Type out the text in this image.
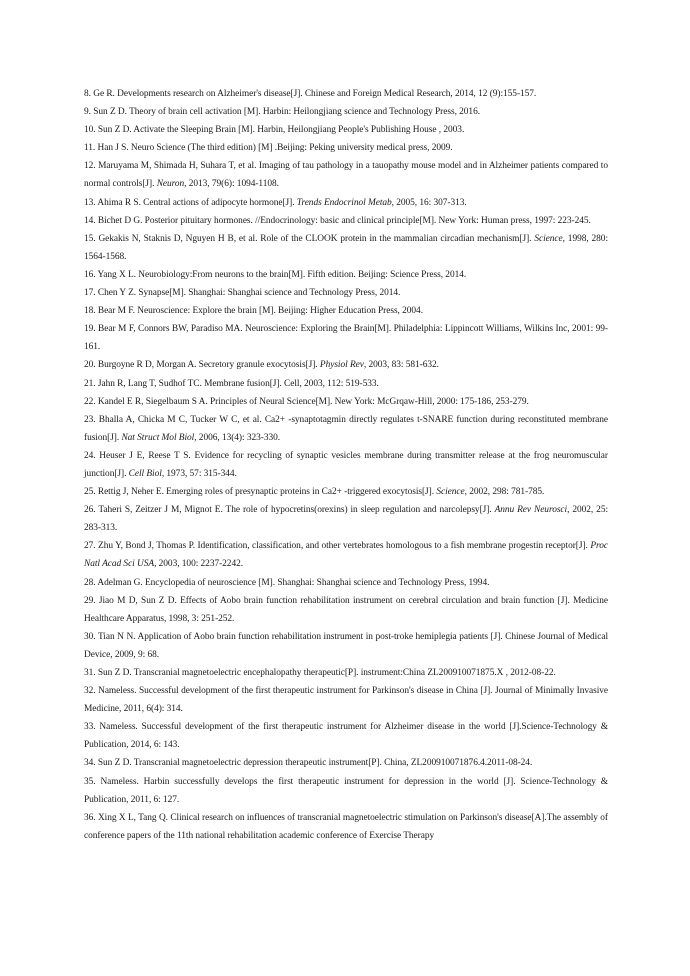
8. Ge R. Developments research on Alzheimer's disease[J]. Chinese and Foreign Medical Research, 2014, 12 (9):155-157.
9. Sun Z D. Theory of brain cell activation [M]. Harbin: Heilongjiang science and Technology Press, 2016.
10. Sun Z D. Activate the Sleeping Brain [M]. Harbin, Heilongjiang People's Publishing House , 2003.
11. Han J S. Neuro Science (The third edition) [M] .Beijing: Peking university medical press, 2009.
12. Maruyama M, Shimada H, Suhara T, et al. Imaging of tau pathology in a tauopathy mouse model and in Alzheimer patients compared to normal controls[J]. Neuron, 2013, 79(6): 1094-1108.
13. Ahima R S. Central actions of adipocyte hormone[J]. Trends Endocrinol Metab, 2005, 16: 307-313.
14. Bichet D G. Posterior pituitary hormones. //Endocrinology: basic and clinical principle[M]. New York: Human press, 1997: 223-245.
15. Gekakis N, Staknis D, Nguyen H B, et al. Role of the CLOOK protein in the mammalian circadian mechanism[J]. Science, 1998, 280: 1564-1568.
16. Yang X L. Neurobiology:From neurons to the brain[M]. Fifth edition. Beijing: Science Press, 2014.
17. Chen Y Z. Synapse[M]. Shanghai: Shanghai science and Technology Press, 2014.
18. Bear M F. Neuroscience: Explore the brain [M]. Beijing: Higher Education Press, 2004.
19. Bear M F, Connors BW, Paradiso MA. Neuroscience: Exploring the Brain[M]. Philadelphia: Lippincott Williams, Wilkins Inc, 2001: 99-161.
20. Burgoyne R D, Morgan A. Secretory granule exocytosis[J]. Physiol Rev, 2003, 83: 581-632.
21. Jahn R, Lang T, Sudhof TC. Membrane fusion[J]. Cell, 2003, 112: 519-533.
22. Kandel E R, Siegelbaum S A. Principles of Neural Science[M]. New York: McGrqaw-Hill, 2000: 175-186, 253-279.
23. Bhalla A, Chicka M C, Tucker W C, et al. Ca2+ -synaptotagmin directly regulates t-SNARE function during reconstituted membrane fusion[J]. Nat Struct Mol Biol, 2006, 13(4): 323-330.
24. Heuser J E, Reese T S. Evidence for recycling of synaptic vesicles membrane during transmitter release at the frog neuromuscular junction[J]. Cell Biol, 1973, 57: 315-344.
25. Rettig J, Neher E. Emerging roles of presynaptic proteins in Ca2+ -triggered exocytosis[J]. Science, 2002, 298: 781-785.
26. Taheri S, Zeitzer J M, Mignot E. The role of hypocretins(orexins) in sleep regulation and narcolepsy[J]. Annu Rev Neurosci, 2002, 25: 283-313.
27. Zhu Y, Bond J, Thomas P. Identification, classification, and other vertebrates homologous to a fish membrane progestin receptor[J]. Proc Natl Acad Sci USA, 2003, 100: 2237-2242.
28. Adelman G. Encyclopedia of neuroscience [M]. Shanghai: Shanghai science and Technology Press, 1994.
29. Jiao M D, Sun Z D. Effects of Aobo brain function rehabilitation instrument on cerebral circulation and brain function [J]. Medicine Healthcare Apparatus, 1998, 3: 251-252.
30. Tian N N. Application of Aobo brain function rehabilitation instrument in post-troke hemiplegia patients [J]. Chinese Journal of Medical Device, 2009, 9: 68.
31. Sun Z D. Transcranial magnetoelectric encephalopathy therapeutic[P]. instrument:China ZL200910071875.X , 2012-08-22.
32. Nameless. Successful development of the first therapeutic instrument for Parkinson's disease in China [J]. Journal of Minimally Invasive Medicine, 2011, 6(4): 314.
33. Nameless. Successful development of the first therapeutic instrument for Alzheimer disease in the world [J].Science-Technology & Publication, 2014, 6: 143.
34. Sun Z D. Transcranial magnetoelectric depression therapeutic instrument[P]. China, ZL200910071876.4.2011-08-24.
35. Nameless. Harbin successfully develops the first therapeutic instrument for depression in the world [J]. Science-Technology & Publication, 2011, 6: 127.
36. Xing X L, Tang Q. Clinical research on influences of transcranial magnetoelectric stimulation on Parkinson's disease[A].The assembly of conference papers of the 11th national rehabilitation academic conference of Exercise Therapy
